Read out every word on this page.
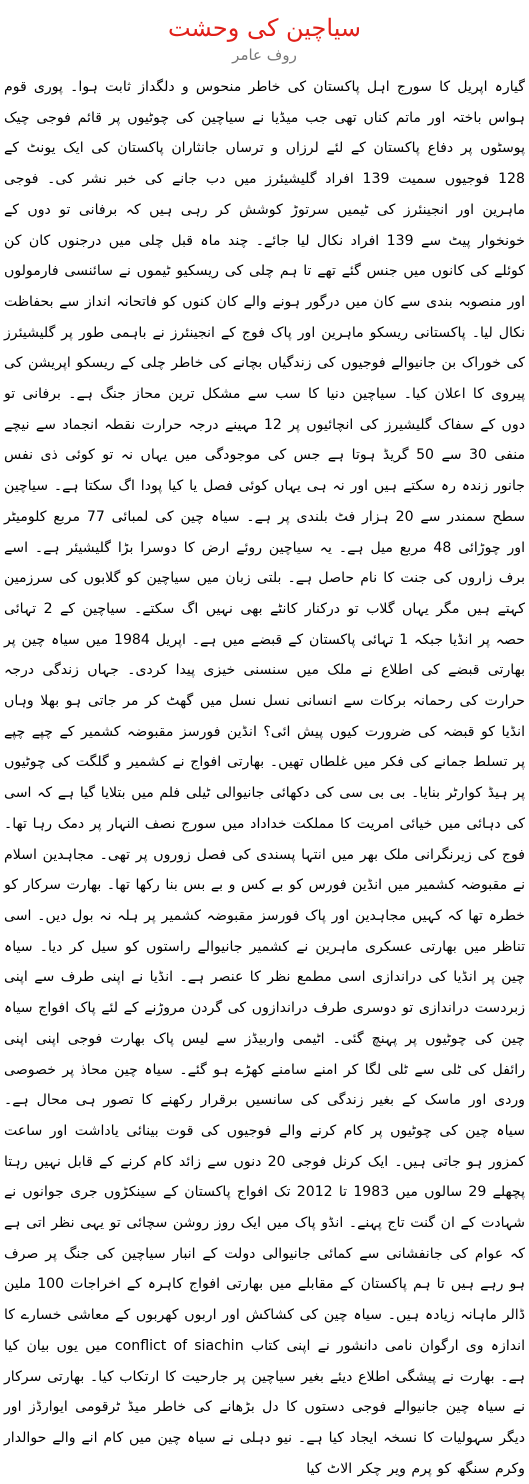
سیاچین کی وحشت
روف عامر

گیارہ اپریل کا سورج اہل پاکستان کی خاطر منحوس و دلگداز ثابت ہوا۔ پوری قوم ہواس باختہ اور ماتم کناں تھی جب میڈیا نے سیاچین کی چوٹیوں پر قائم فوجی چیک پوسٹوں پر دفاع پاکستان کے لئے لرزاں و ترساں جانثاران پاکستان کی ایک یونٹ کے 128 فوجیوں سمیت 139 افراد گلیشیئرز میں دب جانے کی خبر نشر کی۔ فوجی ماہرین اور انجینئرز کی ٹیمیں سرتوڑ کوشش کر رہی ہیں کہ برفانی تو دوں کے خونخوار پیٹ سے 139 افراد نکال لیا جائے۔ چند ماہ قبل چلی میں درجنوں کان کن کوئلے کی کانوں میں جنس گئے تھے تا ہم چلی کی ریسکیو ٹیموں نے سائنسی فارمولوں اور منصوبہ بندی سے کان میں درگور ہونے والے کان کنوں کو فاتحانہ انداز سے بحفاظت نکال لیا۔ پاکستانی ریسکو ماہرین اور پاک فوج کے انجینئرز نے باہمی طور پر گلیشیئرز کی خوراک بن جانیوالے فوجیوں کی زندگیاں بچانے کی خاطر چلی کے ریسکو اپریشن کی پیروی کا اعلان کیا۔ سیاچین دنیا کا سب سے مشکل ترین محاز جنگ ہے۔ برفانی تو دوں کے سفاک گلیشیرز کی انچائیوں پر 12 مہینے درجہ حرارت نقطہ انجماد سے نیچے منفی 30 سے 50 گریڈ ہوتا ہے جس کی موجودگی میں یہاں نہ تو کوئی ذی نفس جانور زندہ رہ سکتے ہیں اور نہ ہی یہاں کوئی فصل یا کیا پودا اگ سکتا ہے۔ سیاچین سطح سمندر سے 20 ہزار فٹ بلندی پر ہے۔ سیاہ چین کی لمبائی 77 مربع کلومیٹر اور چوڑائی 48 مربع میل ہے۔ یہ سیاچین روئے ارض کا دوسرا بڑا گلیشیئر ہے۔ اسے برف زاروں کی جنت کا نام حاصل ہے۔ بلتی زبان میں سیاچین کو گلابوں کی سرزمین کہتے ہیں مگر یہاں گلاب تو درکنار کانٹے بھی نہیں اگ سکتے۔ سیاچین کے 2 تہائی حصہ پر انڈیا جبکہ 1 تہائی پاکستان کے قبضے میں ہے۔ اپریل 1984 میں سیاہ چین پر بھارتی قبضے کی اطلاع نے ملک میں سنسنی خیزی پیدا کردی۔ جہاں زندگی درجہ حرارت کی رحمانہ برکات سے انسانی نسل نسل میں گھٹ کر مر جاتی ہو بھلا وہاں انڈیا کو قبضہ کی ضرورت کیوں پیش ائی؟ انڈین فورسز مقبوضہ کشمیر کے چپے چپے پر تسلط جمانے کی فکر میں غلطاں تھیں۔ بھارتی افواج نے کشمیر و گلگت کی چوٹیوں پر ہیڈ کوارٹر بنایا۔ بی بی سی کی دکھائی جانیوالی ٹیلی فلم میں بتلایا گیا ہے کہ اسی کی دہائی میں خیائی امریت کا مملکت خداداد میں سورج نصف النہار پر دمک رہا تھا۔ فوج کی زیرنگرانی ملک بھر میں انتہا پسندی کی فصل زوروں پر تھی۔ مجاہدین اسلام نے مقبوضہ کشمیر میں انڈین فورس کو بے کس و بے بس بنا رکھا تھا۔ بھارت سرکار کو خطرہ تھا کہ کہیں مجاہدین اور پاک فورسز مقبوضہ کشمیر پر ہلہ نہ بول دیں۔ اسی تناظر میں بھارتی عسکری ماہرین نے کشمیر جانیوالے راستوں کو سیل کر دیا۔ سیاہ چین پر انڈیا کی دراندازی اسی مطمع نظر کا عنصر ہے۔ انڈیا نے اپنی طرف سے اپنی زبردست دراندازی تو دوسری طرف دراندازوں کی گردن مروڑنے کے لئے پاک افواج سیاہ چین کی چوٹیوں پر پہنچ گئی۔ اٹیمی واربیڈز سے لیس پاک بھارت فوجی اپنی اپنی رائفل کی ٹلی سے ٹلی لگا کر امنے سامنے کھڑے ہو گئے۔ سیاہ چین محاذ پر خصوصی وردی اور ماسک کے بغیر زندگی کی سانسیں برقرار رکھنے کا تصور ہی محال ہے۔ سیاہ چین کی چوٹیوں پر کام کرنے والے فوجیوں کی قوت بینائی یاداشت اور ساعت کمزور ہو جاتی ہیں۔ ایک کرنل فوجی 20 دنوں سے زائد کام کرنے کے قابل نہیں رہتا پچھلے 29 سالوں میں 1983 تا 2012 تک افواج پاکستان کے سینکڑوں جری جوانوں نے شہادت کے ان گنت تاج پہنے۔ انڈو پاک میں ایک روز روشن سچائی تو یہی نظر اتی ہے کہ عوام کی جانفشانی سے کمائی جانیوالی دولت کے انبار سیاچین کی جنگ پر صرف ہو رہے ہیں تا ہم پاکستان کے مقابلے میں بھارتی افواج کاہرہ کے اخراجات 100 ملین ڈالر ماہانہ زیادہ ہیں۔ سیاہ چین کی کشاکش اور اربوں کھربوں کے معاشی خسارے کا اندازہ وی ارگوان نامی دانشور نے اپنی کتاب conflict of siachin میں یوں بیان کیا ہے۔ بھارت نے پیشگی اطلاع دیئے بغیر سیاچین پر جارحیت کا ارتکاب کیا۔ بھارتی سرکار نے سیاہ چین جانیوالے فوجی دستوں کا دل بڑھانے کی خاطر میڈ ٹرقومی ایوارڈز اور دیگر سہولیات کا نسخہ ایجاد کیا ہے۔ نیو دہلی نے سیاہ چین میں کام انے والے حوالدار وکرم سنگھ کو پرم ویر چکر الاٹ کیا
